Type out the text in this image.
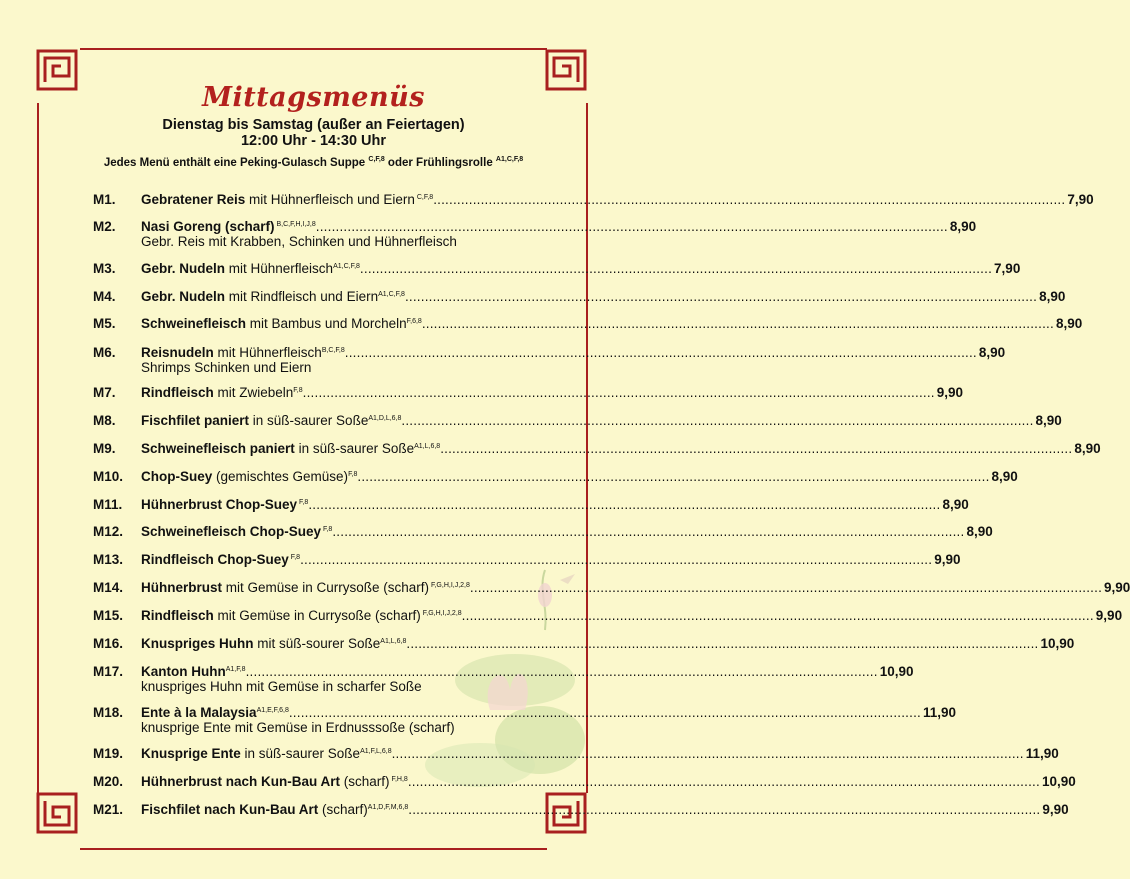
Mittagsmenüs
Dienstag bis Samstag (außer an Feiertagen)
12:00 Uhr - 14:30 Uhr
Jedes Menü enthält eine Peking-Gulasch Suppe $^{C,F,8}$ oder Frühlingsrolle $^{A1,C,F,8}$
M1.	Gebratener Reis mit Hühnerfleisch und Eiern $^{C,F,8}$ ................................................................................................................................................................ 7,90
M2.	Nasi Goreng (scharf) $^{B,C,F,H,I,J,8}$ ................................................................................................................................................................ 8,90
Gebr. Reis mit Krabben, Schinken und Hühnerfleisch
M3.	Gebr. Nudeln mit Hühnerfleisch$^{A1,C,F,8}$ ................................................................................................................................................................ 7,90
M4.	Gebr. Nudeln mit Rindfleisch und Eiern$^{A1,C,F,8}$ ................................................................................................................................................................ 8,90
M5.	Schweinefleisch mit Bambus und Morcheln$^{F,6,8}$ ................................................................................................................................................................ 8,90
M6.	Reisnudeln mit Hühnerfleisch$^{B,C,F,8}$ ................................................................................................................................................................ 8,90
Shrimps Schinken und Eiern
M7.	Rindfleisch mit Zwiebeln$^{F,8}$ ................................................................................................................................................................ 9,90
M8.	Fischfilet paniert in süß-saurer Soße$^{A1,D,L,6,8}$ ................................................................................................................................................................ 8,90
M9.	Schweinefleisch paniert in süß-saurer Soße$^{A1,L,6,8}$ ................................................................................................................................................................ 8,90
M10.	Chop-Suey (gemischtes Gemüse)$^{F,8}$ ................................................................................................................................................................ 8,90
M11.	Hühnerbrust Chop-Suey $^{F,8}$ ................................................................................................................................................................ 8,90
M12.	Schweinefleisch Chop-Suey $^{F,8}$ ................................................................................................................................................................ 8,90
M13.	Rindfleisch Chop-Suey $^{F,8}$ ................................................................................................................................................................ 9,90
M14.	Hühnerbrust mit Gemüse in Currysoße (scharf) $^{F,G,H,I,J,2,8}$ ................................................................................................................................................................ 9,90
M15.	Rindfleisch mit Gemüse in Currysoße (scharf) $^{F,G,H,I,J,2,8}$ ................................................................................................................................................................ 9,90
M16.	Knuspriges Huhn mit süß-sourer Soße$^{A1,L,6,8}$ ................................................................................................................................................................ 10,90
M17.	Kanton Huhn$^{A1,F,8}$ ................................................................................................................................................................ 10,90
knuspriges Huhn mit Gemüse in scharfer Soße
M18.	Ente à la Malaysia$^{A1,E,F,6,8}$ ................................................................................................................................................................ 11,90
knusprige Ente mit Gemüse in Erdnusssoße (scharf)
M19.	Knusprige Ente in süß-saurer Soße$^{A1,F,L,6,8}$ ................................................................................................................................................................ 11,90
M20.	Hühnerbrust nach Kun-Bau Art (scharf) $^{F,H,8}$ ................................................................................................................................................................ 10,90
M21.	Fischfilet nach Kun-Bau Art (scharf)$^{A1,D,F,M,6,8}$ ................................................................................................................................................................ 9,90
